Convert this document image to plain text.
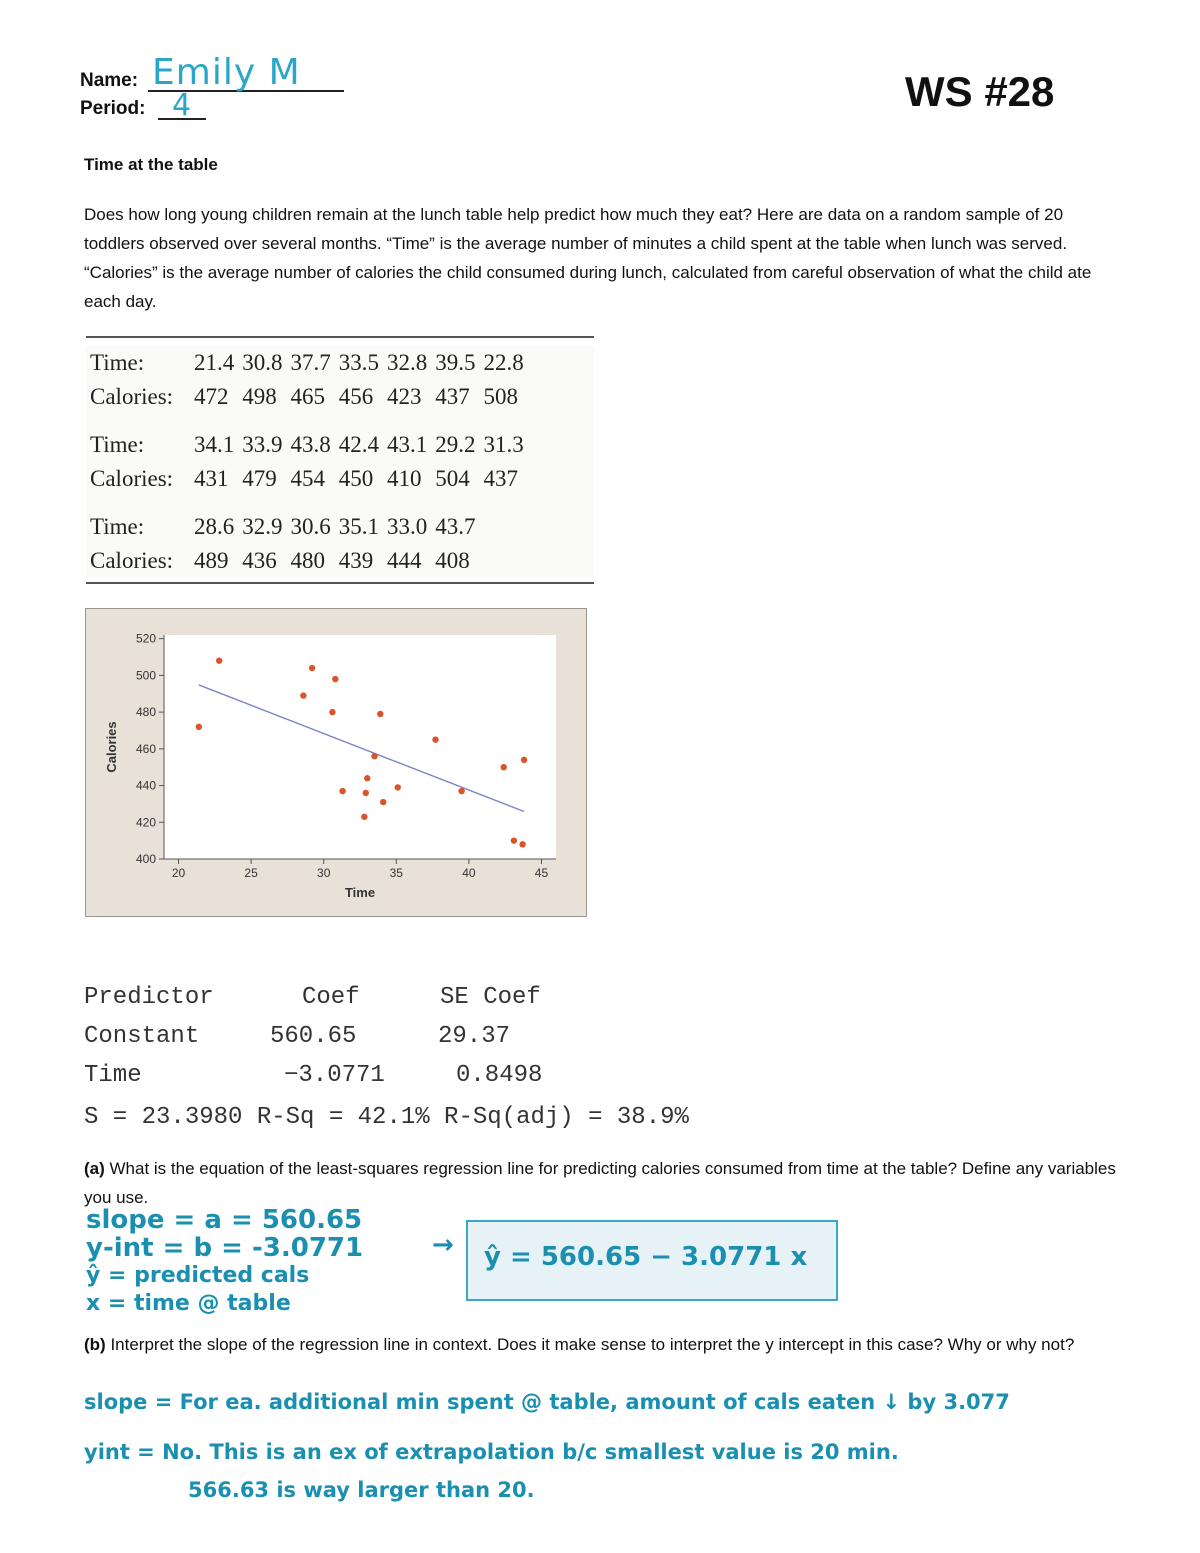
Name: Emily M
Period: 4	WS #28
Time at the table
Does how long young children remain at the lunch table help predict how much they eat? Here are data on a random sample of 20 toddlers observed over several months. “Time” is the average number of minutes a child spent at the table when lunch was served. “Calories” is the average number of calories the child consumed during lunch, calculated from careful observation of what the child ate each day.
Time:	21.4	30.8	37.7	33.5	32.8	39.5	22.8
Calories:	472	498	465	456	423	437	508
Time:	34.1	33.9	43.8	42.4	43.1	29.2	31.3
Calories:	431	479	454	450	410	504	437
Time:	28.6	32.9	30.6	35.1	33.0	43.7
Calories:	489	436	480	439	444	408
400
420
440
460
480
500
520
20	25	30	35	40	45
Time
Calories
Predictor	Coef	SE Coef
Constant	560.65	29.37
Time	−3.0771	0.8498
S = 23.3980 R-Sq = 42.1% R-Sq(adj) = 38.9%
(a) What is the equation of the least-squares regression line for predicting calories consumed from time at the table? Define any variables you use.
slope = a = 560.65
y-int = b = -3.0771
ŷ = predicted cals
x = time @ table
→ ŷ = 560.65 − 3.0771 x
(b) Interpret the slope of the regression line in context. Does it make sense to interpret the y intercept in this case? Why or why not?
slope = For ea. additional min spent @ table, amount of cals eaten ↓ by 3.077
yint = No. This is an ex of extrapolation b/c smallest value is 20 min.
566.63 is way larger than 20.
